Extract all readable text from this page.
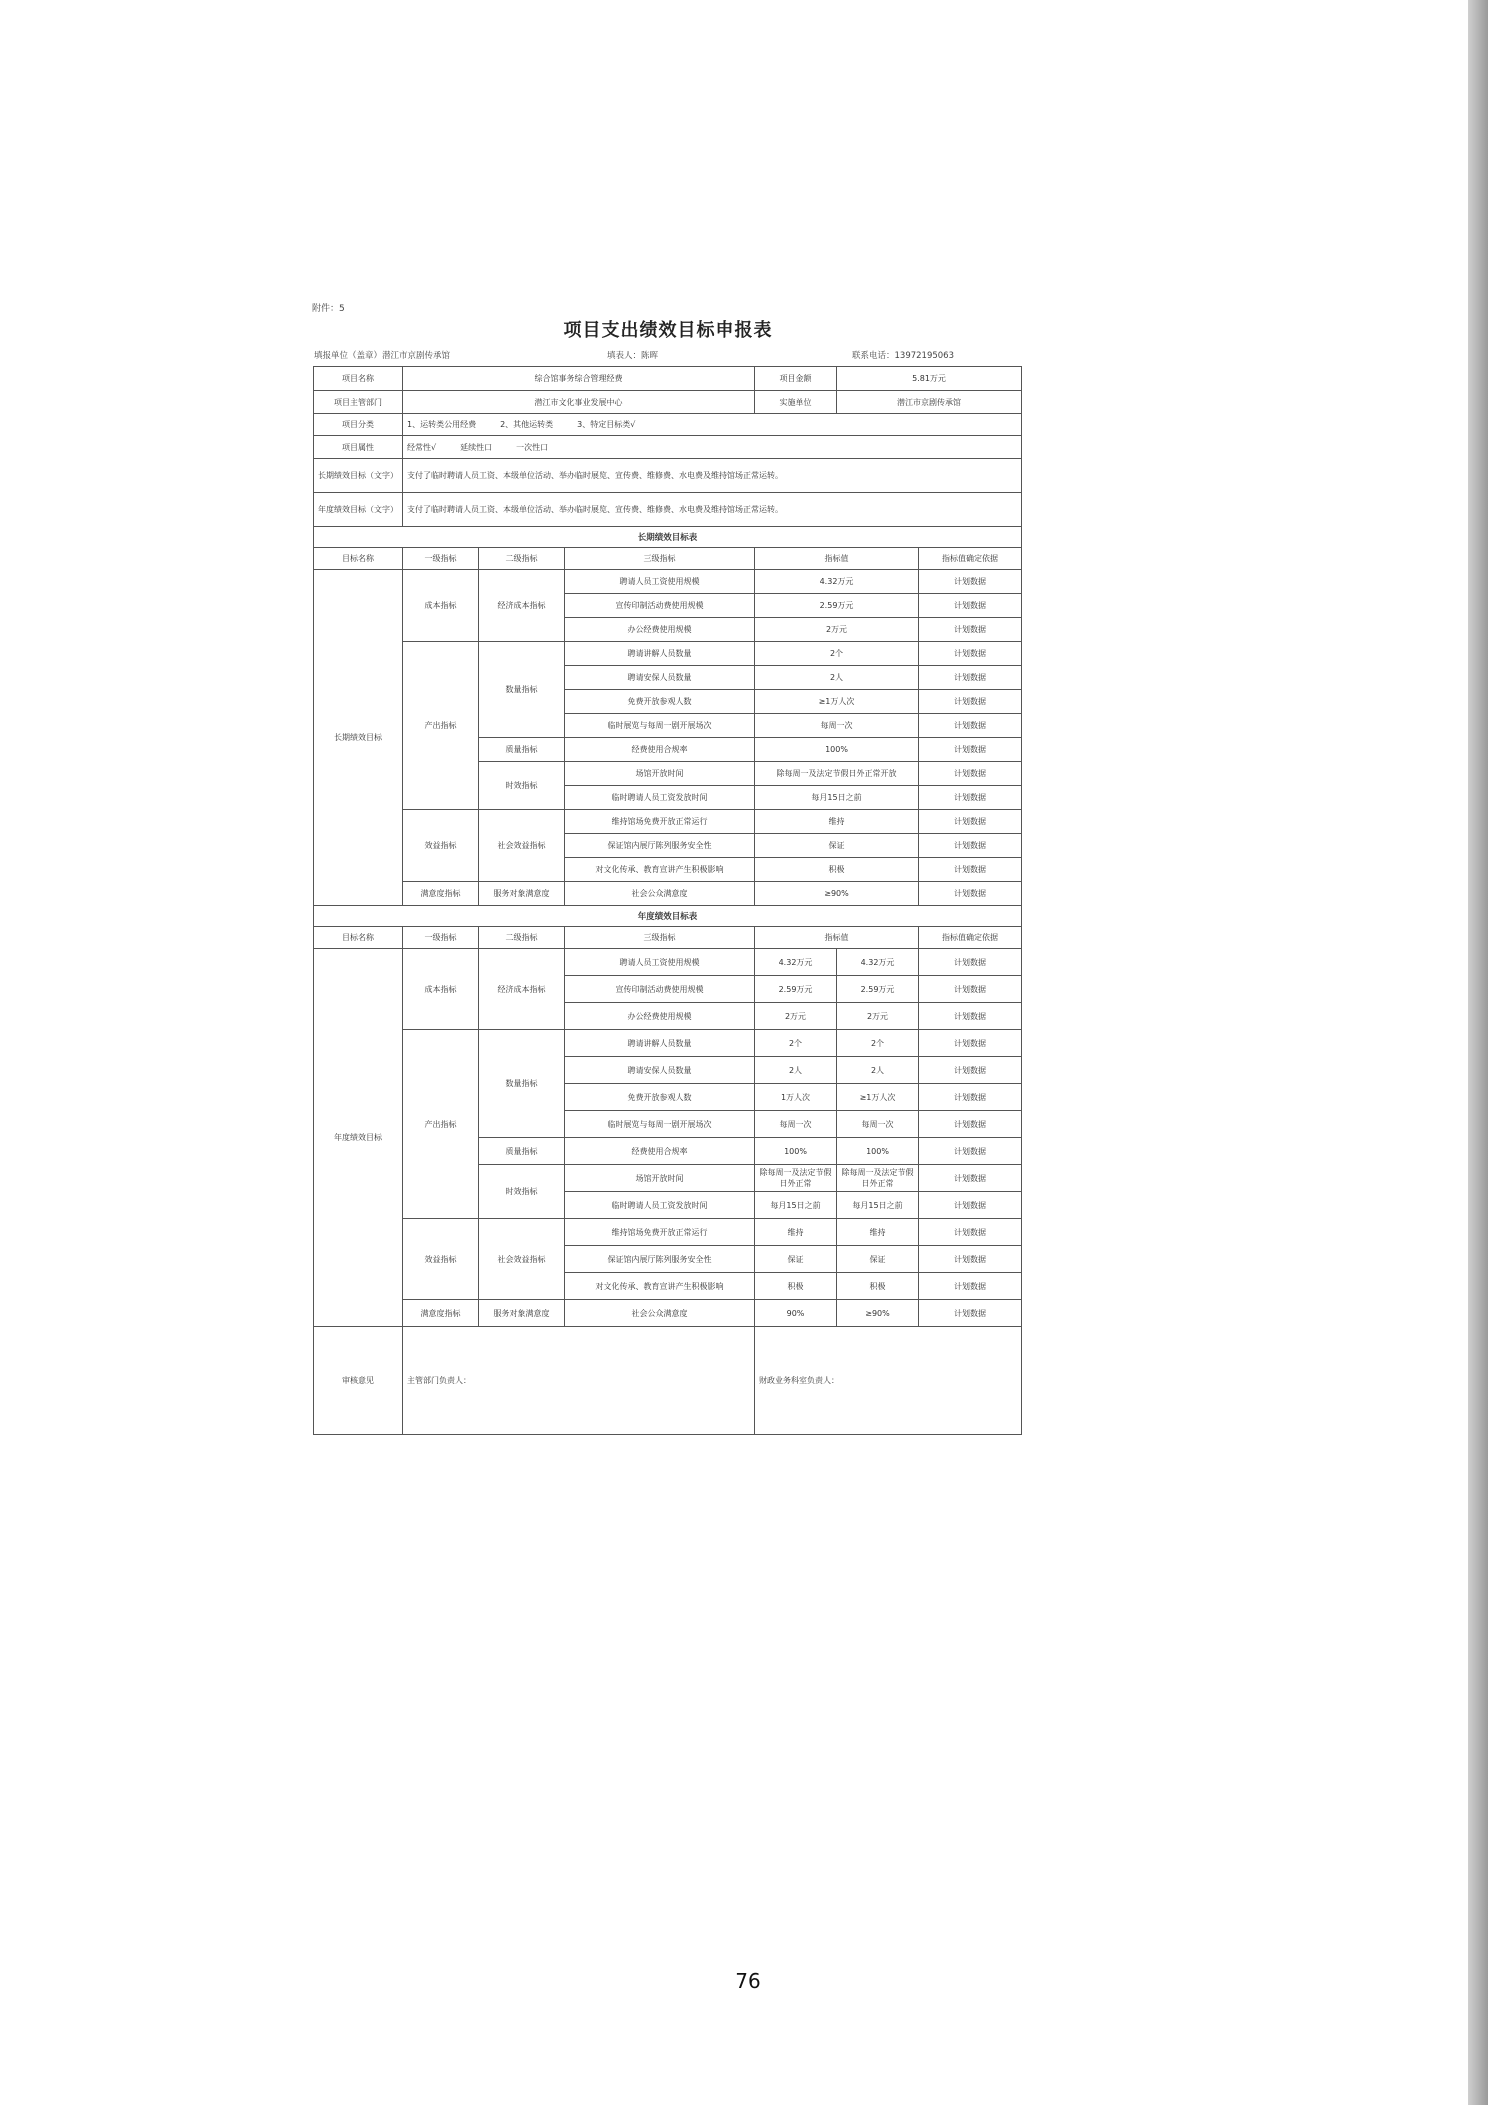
附件：5
项目支出绩效目标申报表
填报单位（盖章）潜江市京剧传承馆	填表人：陈晖	联系电话：13972195063
项目名称	综合馆事务综合管理经费			项目金额	5.81万元	
项目主管部门	潜江市文化事业发展中心			实施单位	潜江市京剧传承馆	
项目分类	1、运转类公用经费　　　2、其他运转类　　　3、特定目标类√					
项目属性	经常性√　　　延续性口　　　一次性口					
长期绩效目标（文字）	支付了临时聘请人员工资、本级单位活动、举办临时展览、宣传费、维修费、水电费及维持馆场正常运转。					
年度绩效目标（文字）	支付了临时聘请人员工资、本级单位活动、举办临时展览、宣传费、维修费、水电费及维持馆场正常运转。					
长期绩效目标表						
目标名称	一级指标	二级指标	三级指标	指标值		指标值确定依据
长期绩效目标	成本指标	经济成本指标	聘请人员工资使用规模	4.32万元		计划数据
			宣传印制活动费使用规模	2.59万元		计划数据
			办公经费使用规模	2万元		计划数据
	产出指标	数量指标	聘请讲解人员数量	2个		计划数据
			聘请安保人员数量	2人		计划数据
			免费开放参观人数	≥1万人次		计划数据
			临时展览与每周一剧开展场次	每周一次		计划数据
		质量指标	经费使用合规率	100%		计划数据
		时效指标	场馆开放时间	除每周一及法定节假日外正常开放		计划数据
			临时聘请人员工资发放时间	每月15日之前		计划数据
	效益指标	社会效益指标	维持馆场免费开放正常运行	维持		计划数据
			保证馆内展厅陈列服务安全性	保证		计划数据
			对文化传承、教育宣讲产生积极影响	积极		计划数据
	满意度指标	服务对象满意度	社会公众满意度	≥90%		计划数据
年度绩效目标表						
目标名称	一级指标	二级指标	三级指标	指标值		指标值确定依据
年度绩效目标	成本指标	经济成本指标	聘请人员工资使用规模	4.32万元	4.32万元	计划数据
			宣传印制活动费使用规模	2.59万元	2.59万元	计划数据
			办公经费使用规模	2万元	2万元	计划数据
	产出指标	数量指标	聘请讲解人员数量	2个	2个	计划数据
			聘请安保人员数量	2人	2人	计划数据
			免费开放参观人数	1万人次	≥1万人次	计划数据
			临时展览与每周一剧开展场次	每周一次	每周一次	计划数据
		质量指标	经费使用合规率	100%	100%	计划数据
		时效指标	场馆开放时间	除每周一及法定节假日外正常	除每周一及法定节假日外正常	计划数据
			临时聘请人员工资发放时间	每月15日之前	每月15日之前	计划数据
	效益指标	社会效益指标	维持馆场免费开放正常运行	维持	维持	计划数据
			保证馆内展厅陈列服务安全性	保证	保证	计划数据
			对文化传承、教育宣讲产生积极影响	积极	积极	计划数据
	满意度指标	服务对象满意度	社会公众满意度	90%	≥90%	计划数据
审核意见	主管部门负责人：			财政业务科室负责人：		
76
